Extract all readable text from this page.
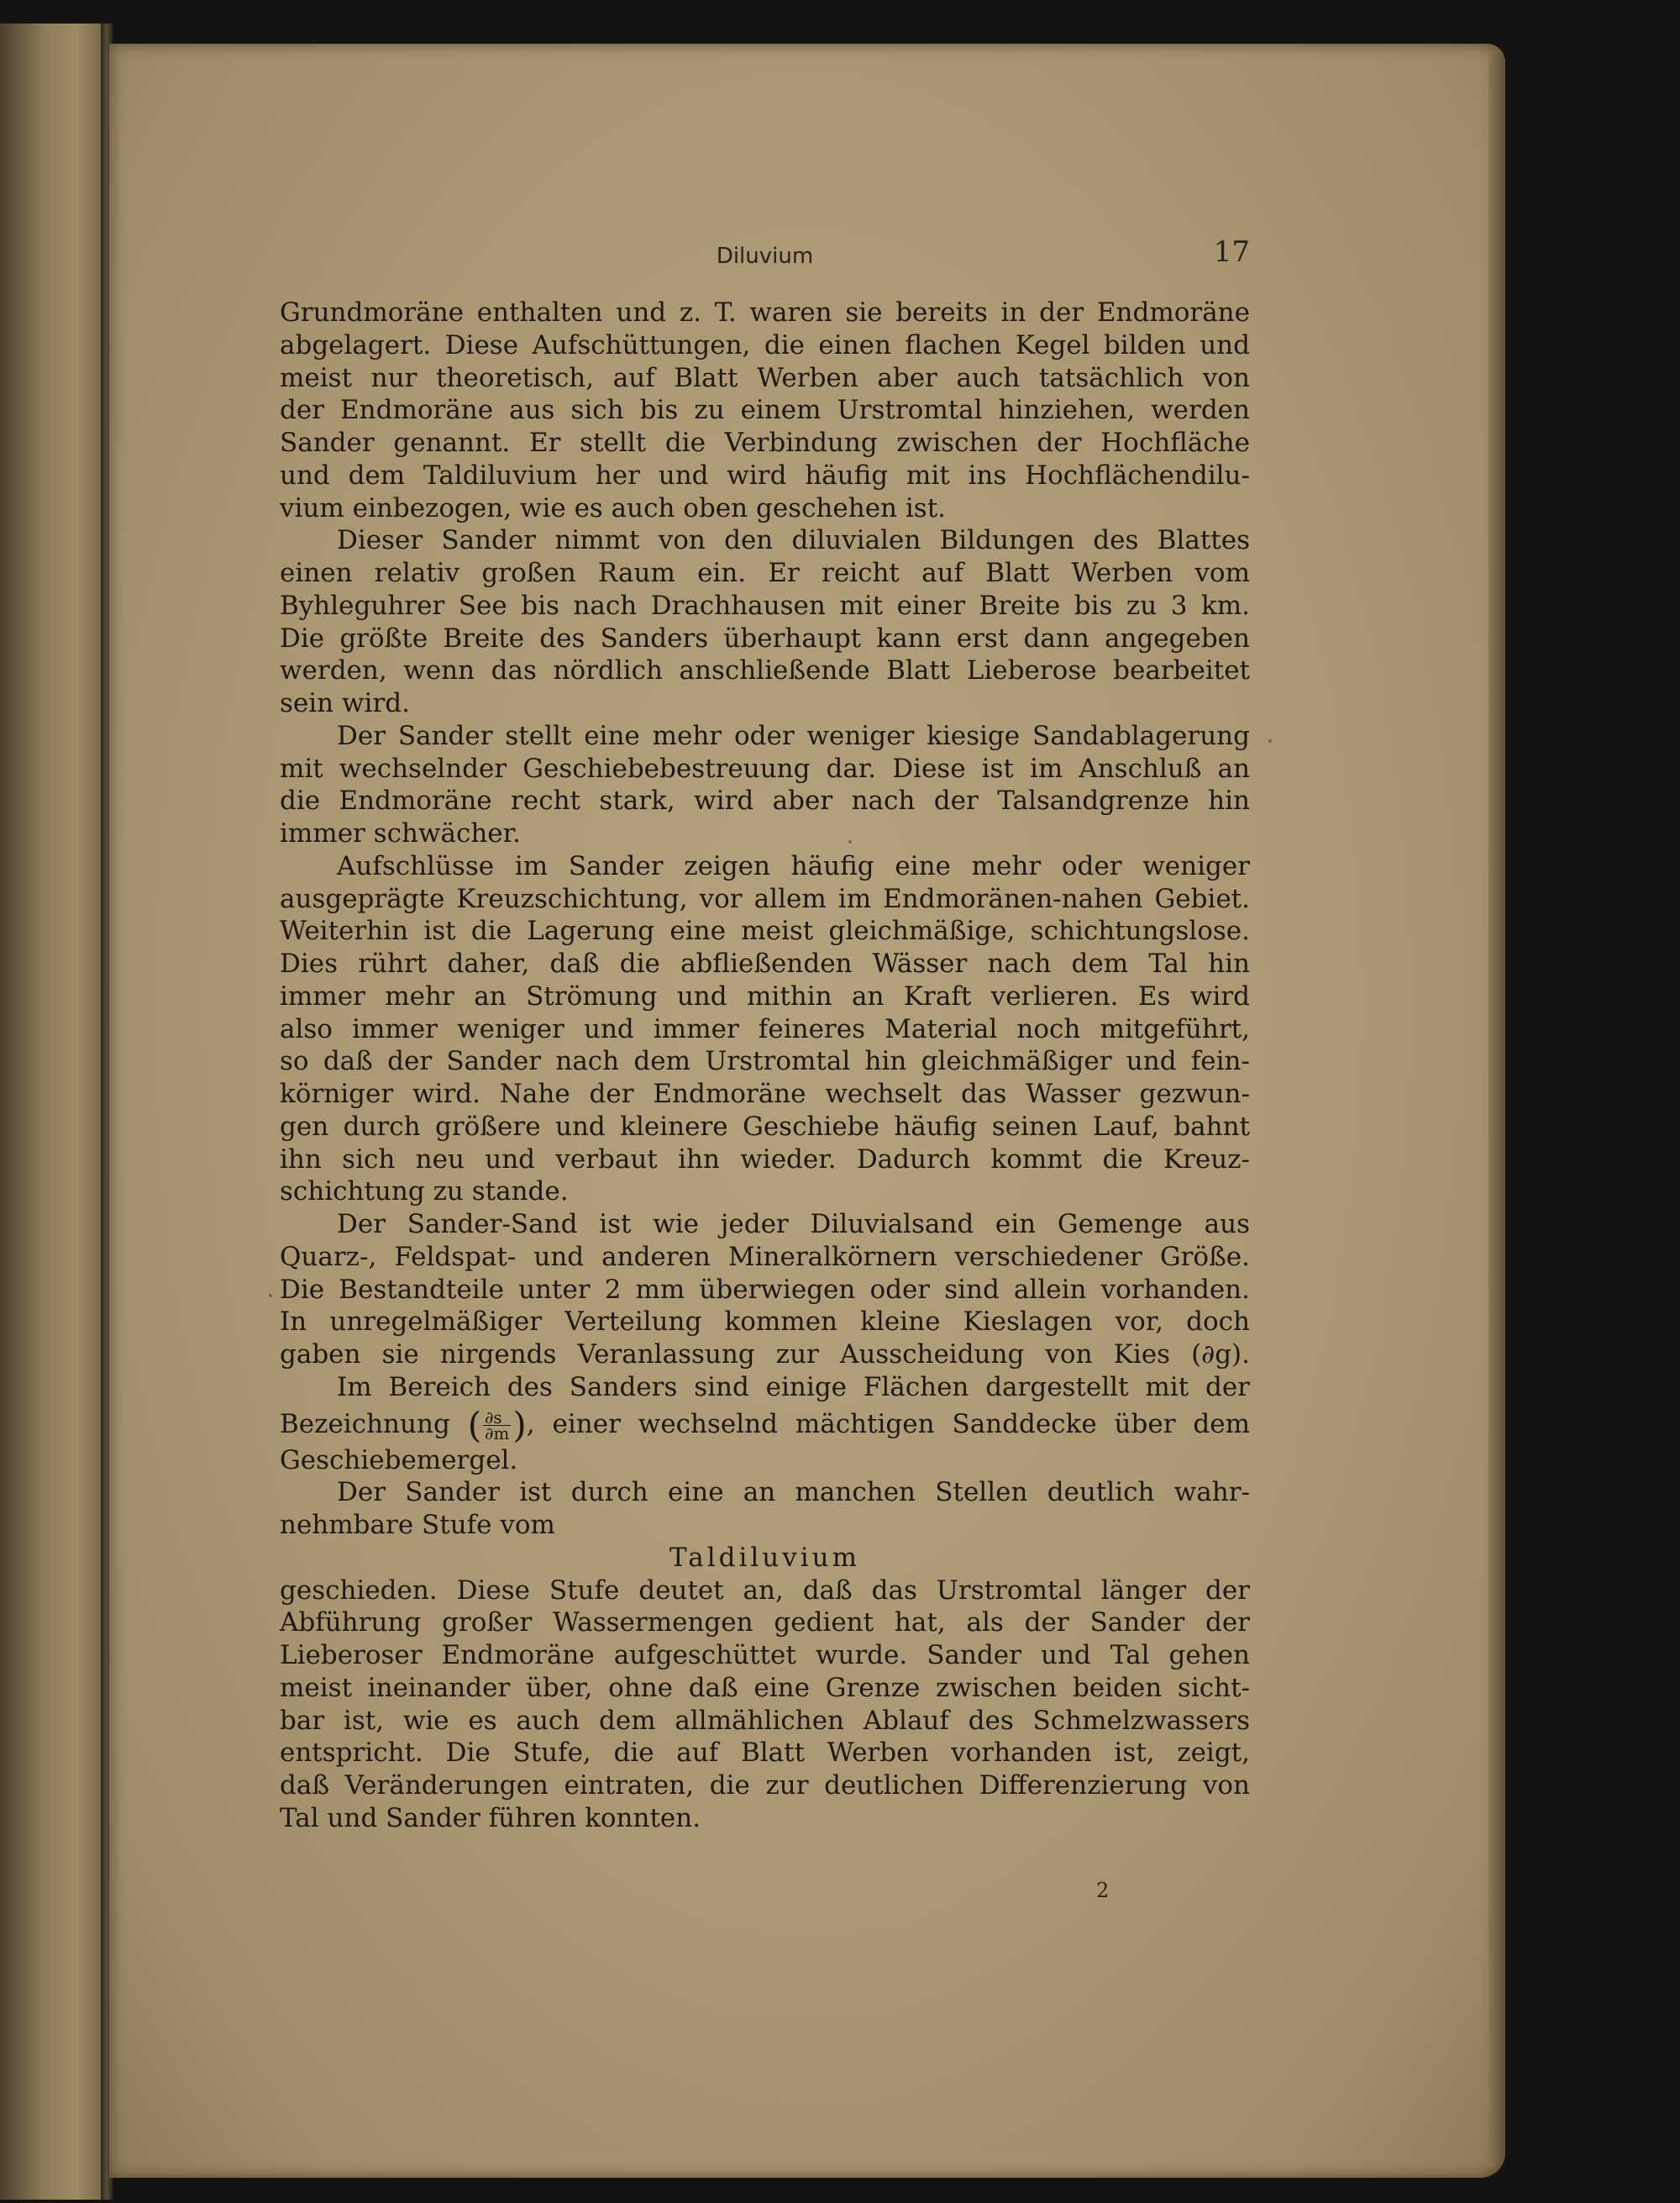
Diluvium	17
Grundmoräne enthalten und z. T. waren sie bereits in der Endmoräne
abgelagert. Diese Aufschüttungen, die einen flachen Kegel bilden und
meist nur theoretisch, auf Blatt Werben aber auch tatsächlich von
der Endmoräne aus sich bis zu einem Urstromtal hinziehen, werden
Sander genannt. Er stellt die Verbindung zwischen der Hochfläche
und dem Taldiluvium her und wird häufig mit ins Hochflächendilu-
vium einbezogen, wie es auch oben geschehen ist.
Dieser Sander nimmt von den diluvialen Bildungen des Blattes
einen relativ großen Raum ein. Er reicht auf Blatt Werben vom
Byhleguhrer See bis nach Drachhausen mit einer Breite bis zu 3 km.
Die größte Breite des Sanders überhaupt kann erst dann angegeben
werden, wenn das nördlich anschließende Blatt Lieberose bearbeitet
sein wird.
Der Sander stellt eine mehr oder weniger kiesige Sandablagerung
mit wechselnder Geschiebebestreuung dar. Diese ist im Anschluß an
die Endmoräne recht stark, wird aber nach der Talsandgrenze hin
immer schwächer.
Aufschlüsse im Sander zeigen häufig eine mehr oder weniger
ausgeprägte Kreuzschichtung, vor allem im Endmoränen-nahen Gebiet.
Weiterhin ist die Lagerung eine meist gleichmäßige, schichtungslose.
Dies rührt daher, daß die abfließenden Wässer nach dem Tal hin
immer mehr an Strömung und mithin an Kraft verlieren. Es wird
also immer weniger und immer feineres Material noch mitgeführt,
so daß der Sander nach dem Urstromtal hin gleichmäßiger und fein-
körniger wird. Nahe der Endmoräne wechselt das Wasser gezwun-
gen durch größere und kleinere Geschiebe häufig seinen Lauf, bahnt
ihn sich neu und verbaut ihn wieder. Dadurch kommt die Kreuz-
schichtung zu stande.
Der Sander-Sand ist wie jeder Diluvialsand ein Gemenge aus
Quarz-, Feldspat- und anderen Mineralkörnern verschiedener Größe.
Die Bestandteile unter 2 mm überwiegen oder sind allein vorhanden.
In unregelmäßiger Verteilung kommen kleine Kieslagen vor, doch
gaben sie nirgends Veranlassung zur Ausscheidung von Kies (∂g).
Im Bereich des Sanders sind einige Flächen dargestellt mit der
Bezeichnung ( $\frac{\partial s}{\partial m}$ ), einer wechselnd mächtigen Sanddecke über dem
Geschiebemergel.
Der Sander ist durch eine an manchen Stellen deutlich wahr-
nehmbare Stufe vom
Taldiluvium
geschieden. Diese Stufe deutet an, daß das Urstromtal länger der
Abführung großer Wassermengen gedient hat, als der Sander der
Lieberoser Endmoräne aufgeschüttet wurde. Sander und Tal gehen
meist ineinander über, ohne daß eine Grenze zwischen beiden sicht-
bar ist, wie es auch dem allmählichen Ablauf des Schmelzwassers
entspricht. Die Stufe, die auf Blatt Werben vorhanden ist, zeigt,
daß Veränderungen eintraten, die zur deutlichen Differenzierung von
Tal und Sander führen konnten.
2
